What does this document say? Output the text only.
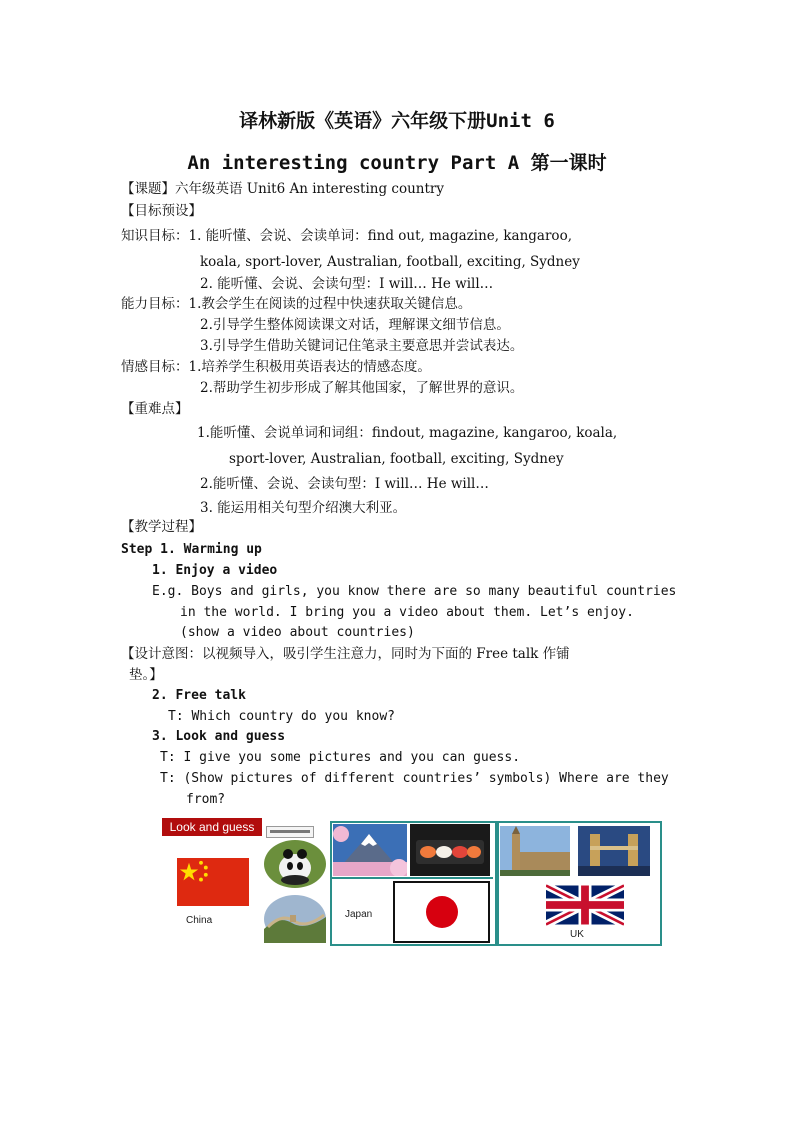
译林新版《英语》六年级下册Unit 6
An interesting country Part A 第一课时
【课题】六年级英语 Unit6 An interesting country
【目标预设】
知识目标：1. 能听懂、会说、会读单词：find out, magazine, kangaroo,
koala, sport-lover, Australian, football, exciting, Sydney
2. 能听懂、会说、会读句型：I will… He will…
能力目标：1.教会学生在阅读的过程中快速获取关键信息。
2.引导学生整体阅读课文对话，理解课文细节信息。
3.引导学生借助关键词记住笔录主要意思并尝试表达。
情感目标：1.培养学生积极用英语表达的情感态度。
2.帮助学生初步形成了解其他国家，了解世界的意识。
【重难点】
1.能听懂、会说单词和词组：findout, magazine, kangaroo, koala,
sport-lover, Australian, football, exciting, Sydney
2.能听懂、会说、会读句型：I will… He will…
3. 能运用相关句型介绍澳大利亚。
【教学过程】
Step 1. Warming up
1. Enjoy a video
E.g. Boys and girls, you know there are so many beautiful countries
in the world. I bring you a video about them. Let’s enjoy.
(show a video about countries)
【设计意图：以视频导入，吸引学生注意力，同时为下面的 Free talk 作铺
垫。】
2. Free talk
T: Which country do you know?
3. Look and guess
T: I give you some pictures and you can guess.
T: (Show pictures of different countries’ symbols) Where are they
from?
Look and guess
China
Japan
UK
